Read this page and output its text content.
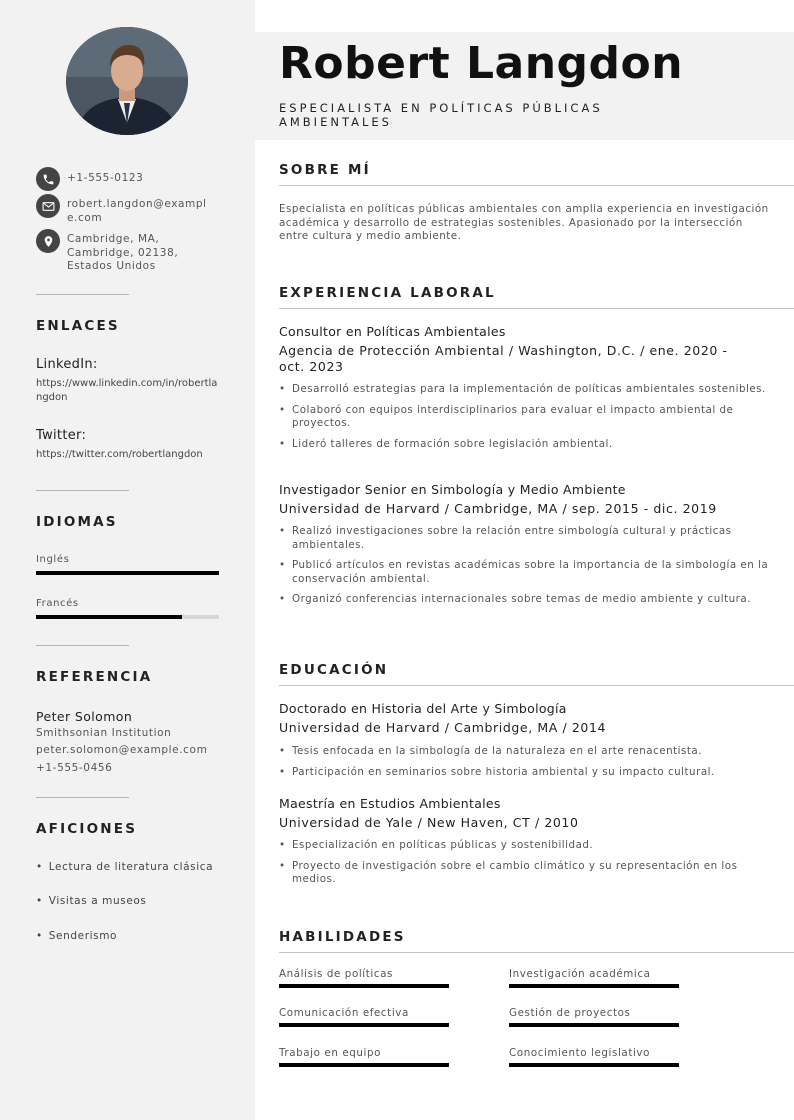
+1-555-0123
robert.langdon@example.com
Cambridge, MA, Cambridge, 02138, Estados Unidos
ENLACES
LinkedIn:
https://www.linkedin.com/in/robertlangdon
Twitter:
https://twitter.com/robertlangdon
IDIOMAS
Inglés
Francés
REFERENCIA
Peter Solomon
Smithsonian Institution
peter.solomon@example.com
+1-555-0456
AFICIONES
• Lectura de literatura clásica
• Visitas a museos
• Senderismo
Robert Langdon
ESPECIALISTA EN POLÍTICAS PÚBLICAS AMBIENTALES
SOBRE MÍ
Especialista en políticas públicas ambientales con amplia experiencia en investigación académica y desarrollo de estrategias sostenibles. Apasionado por la intersección entre cultura y medio ambiente.
EXPERIENCIA LABORAL
Consultor en Políticas Ambientales
Agencia de Protección Ambiental / Washington, D.C. / ene. 2020 - oct. 2023
• Desarrolló estrategias para la implementación de políticas ambientales sostenibles.
• Colaboró con equipos interdisciplinarios para evaluar el impacto ambiental de proyectos.
• Lideró talleres de formación sobre legislación ambiental.
Investigador Senior en Simbología y Medio Ambiente
Universidad de Harvard / Cambridge, MA / sep. 2015 - dic. 2019
• Realizó investigaciones sobre la relación entre simbología cultural y prácticas ambientales.
• Publicó artículos en revistas académicas sobre la importancia de la simbología en la conservación ambiental.
• Organizó conferencias internacionales sobre temas de medio ambiente y cultura.
EDUCACIÓN
Doctorado en Historia del Arte y Simbología
Universidad de Harvard / Cambridge, MA / 2014
• Tesis enfocada en la simbología de la naturaleza en el arte renacentista.
• Participación en seminarios sobre historia ambiental y su impacto cultural.
Maestría en Estudios Ambientales
Universidad de Yale / New Haven, CT / 2010
• Especialización en políticas públicas y sostenibilidad.
• Proyecto de investigación sobre el cambio climático y su representación en los medios.
HABILIDADES
Análisis de políticas	Investigación académica
Comunicación efectiva	Gestión de proyectos
Trabajo en equipo	Conocimiento legislativo
